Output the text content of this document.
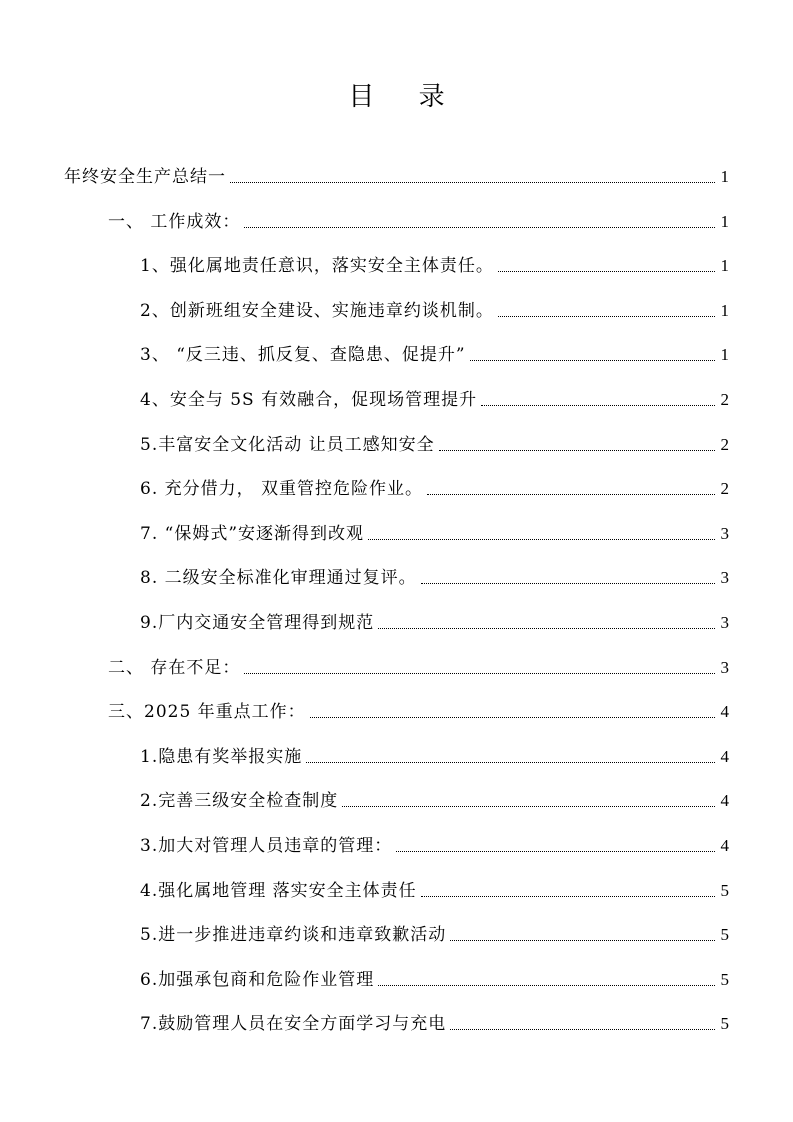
目 录
年终安全生产总结一	1
一、 工作成效：	1
1、强化属地责任意识，落实安全主体责任。	1
2、创新班组安全建设、实施违章约谈机制。	1
3、 “反三违、抓反复、查隐患、促提升”	1
4、安全与 5S 有效融合，促现场管理提升	2
5.丰富安全文化活动 让员工感知安全	2
6. 充分借力， 双重管控危险作业。	2
7. “保姆式”安逐渐得到改观	3
8. 二级安全标准化审理通过复评。	3
9.厂内交通安全管理得到规范	3
二、 存在不足：	3
三、2025 年重点工作：	4
1.隐患有奖举报实施	4
2.完善三级安全检查制度	4
3.加大对管理人员违章的管理：	4
4.强化属地管理 落实安全主体责任	5
5.进一步推进违章约谈和违章致歉活动	5
6.加强承包商和危险作业管理	5
7.鼓励管理人员在安全方面学习与充电	5
